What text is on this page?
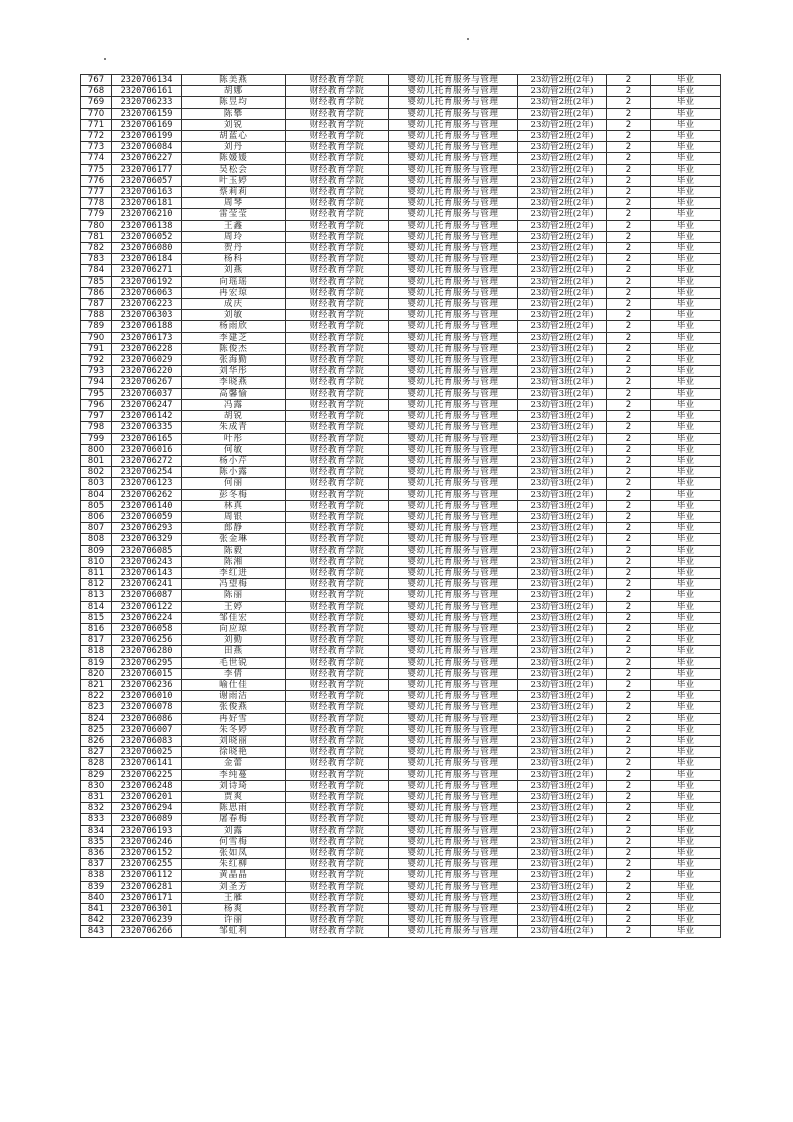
767	2320706134	陈美燕	财经教育学院	婴幼儿托育服务与管理	23幼管2班(2年)	2	毕业
768	2320706161	胡娜	财经教育学院	婴幼儿托育服务与管理	23幼管2班(2年)	2	毕业
769	2320706233	陈昱均	财经教育学院	婴幼儿托育服务与管理	23幼管2班(2年)	2	毕业
770	2320706159	陈攀	财经教育学院	婴幼儿托育服务与管理	23幼管2班(2年)	2	毕业
771	2320706169	刘锐	财经教育学院	婴幼儿托育服务与管理	23幼管2班(2年)	2	毕业
772	2320706199	胡蓝心	财经教育学院	婴幼儿托育服务与管理	23幼管2班(2年)	2	毕业
773	2320706084	刘丹	财经教育学院	婴幼儿托育服务与管理	23幼管2班(2年)	2	毕业
774	2320706227	陈媛媛	财经教育学院	婴幼儿托育服务与管理	23幼管2班(2年)	2	毕业
775	2320706177	吴松会	财经教育学院	婴幼儿托育服务与管理	23幼管2班(2年)	2	毕业
776	2320706057	叶玉婷	财经教育学院	婴幼儿托育服务与管理	23幼管2班(2年)	2	毕业
777	2320706163	蔡莉莉	财经教育学院	婴幼儿托育服务与管理	23幼管2班(2年)	2	毕业
778	2320706181	周琴	财经教育学院	婴幼儿托育服务与管理	23幼管2班(2年)	2	毕业
779	2320706210	雷莹莹	财经教育学院	婴幼儿托育服务与管理	23幼管2班(2年)	2	毕业
780	2320706138	王鑫	财经教育学院	婴幼儿托育服务与管理	23幼管2班(2年)	2	毕业
781	2320706052	周玲	财经教育学院	婴幼儿托育服务与管理	23幼管2班(2年)	2	毕业
782	2320706080	贺丹	财经教育学院	婴幼儿托育服务与管理	23幼管2班(2年)	2	毕业
783	2320706184	杨科	财经教育学院	婴幼儿托育服务与管理	23幼管2班(2年)	2	毕业
784	2320706271	刘燕	财经教育学院	婴幼儿托育服务与管理	23幼管2班(2年)	2	毕业
785	2320706192	向瑶瑶	财经教育学院	婴幼儿托育服务与管理	23幼管2班(2年)	2	毕业
786	2320706063	冉宏琼	财经教育学院	婴幼儿托育服务与管理	23幼管2班(2年)	2	毕业
787	2320706223	成庆	财经教育学院	婴幼儿托育服务与管理	23幼管2班(2年)	2	毕业
788	2320706303	刘敏	财经教育学院	婴幼儿托育服务与管理	23幼管2班(2年)	2	毕业
789	2320706188	杨雨欣	财经教育学院	婴幼儿托育服务与管理	23幼管2班(2年)	2	毕业
790	2320706173	李建芝	财经教育学院	婴幼儿托育服务与管理	23幼管2班(2年)	2	毕业
791	2320706228	陈俊杰	财经教育学院	婴幼儿托育服务与管理	23幼管3班(2年)	2	毕业
792	2320706029	张海勤	财经教育学院	婴幼儿托育服务与管理	23幼管3班(2年)	2	毕业
793	2320706220	刘华彤	财经教育学院	婴幼儿托育服务与管理	23幼管3班(2年)	2	毕业
794	2320706267	李晓燕	财经教育学院	婴幼儿托育服务与管理	23幼管3班(2年)	2	毕业
795	2320706037	高馨愉	财经教育学院	婴幼儿托育服务与管理	23幼管3班(2年)	2	毕业
796	2320706247	冯露	财经教育学院	婴幼儿托育服务与管理	23幼管3班(2年)	2	毕业
797	2320706142	胡锐	财经教育学院	婴幼儿托育服务与管理	23幼管3班(2年)	2	毕业
798	2320706335	朱成青	财经教育学院	婴幼儿托育服务与管理	23幼管3班(2年)	2	毕业
799	2320706165	叶彤	财经教育学院	婴幼儿托育服务与管理	23幼管3班(2年)	2	毕业
800	2320706016	何敏	财经教育学院	婴幼儿托育服务与管理	23幼管3班(2年)	2	毕业
801	2320706272	杨小芹	财经教育学院	婴幼儿托育服务与管理	23幼管3班(2年)	2	毕业
802	2320706254	陈小露	财经教育学院	婴幼儿托育服务与管理	23幼管3班(2年)	2	毕业
803	2320706123	何丽	财经教育学院	婴幼儿托育服务与管理	23幼管3班(2年)	2	毕业
804	2320706262	彭冬梅	财经教育学院	婴幼儿托育服务与管理	23幼管3班(2年)	2	毕业
805	2320706140	林真	财经教育学院	婴幼儿托育服务与管理	23幼管3班(2年)	2	毕业
806	2320706059	周银	财经教育学院	婴幼儿托育服务与管理	23幼管3班(2年)	2	毕业
807	2320706293	郎静	财经教育学院	婴幼儿托育服务与管理	23幼管3班(2年)	2	毕业
808	2320706329	张金琳	财经教育学院	婴幼儿托育服务与管理	23幼管3班(2年)	2	毕业
809	2320706085	陈毅	财经教育学院	婴幼儿托育服务与管理	23幼管3班(2年)	2	毕业
810	2320706243	陈湘	财经教育学院	婴幼儿托育服务与管理	23幼管3班(2年)	2	毕业
811	2320706143	李红进	财经教育学院	婴幼儿托育服务与管理	23幼管3班(2年)	2	毕业
812	2320706241	冯望梅	财经教育学院	婴幼儿托育服务与管理	23幼管3班(2年)	2	毕业
813	2320706087	陈丽	财经教育学院	婴幼儿托育服务与管理	23幼管3班(2年)	2	毕业
814	2320706122	王婷	财经教育学院	婴幼儿托育服务与管理	23幼管3班(2年)	2	毕业
815	2320706224	邹佳宏	财经教育学院	婴幼儿托育服务与管理	23幼管3班(2年)	2	毕业
816	2320706058	向应琼	财经教育学院	婴幼儿托育服务与管理	23幼管3班(2年)	2	毕业
817	2320706256	刘勤	财经教育学院	婴幼儿托育服务与管理	23幼管3班(2年)	2	毕业
818	2320706280	田燕	财经教育学院	婴幼儿托育服务与管理	23幼管3班(2年)	2	毕业
819	2320706295	毛世锐	财经教育学院	婴幼儿托育服务与管理	23幼管3班(2年)	2	毕业
820	2320706015	李倩	财经教育学院	婴幼儿托育服务与管理	23幼管3班(2年)	2	毕业
821	2320706236	喻仕佳	财经教育学院	婴幼儿托育服务与管理	23幼管3班(2年)	2	毕业
822	2320706010	谢雨洁	财经教育学院	婴幼儿托育服务与管理	23幼管3班(2年)	2	毕业
823	2320706078	张俊燕	财经教育学院	婴幼儿托育服务与管理	23幼管3班(2年)	2	毕业
824	2320706086	冉好雪	财经教育学院	婴幼儿托育服务与管理	23幼管3班(2年)	2	毕业
825	2320706007	朱冬婷	财经教育学院	婴幼儿托育服务与管理	23幼管3班(2年)	2	毕业
826	2320706083	刘晓丽	财经教育学院	婴幼儿托育服务与管理	23幼管3班(2年)	2	毕业
827	2320706025	徐晓艳	财经教育学院	婴幼儿托育服务与管理	23幼管3班(2年)	2	毕业
828	2320706141	金蕾	财经教育学院	婴幼儿托育服务与管理	23幼管3班(2年)	2	毕业
829	2320706225	李纯蔓	财经教育学院	婴幼儿托育服务与管理	23幼管3班(2年)	2	毕业
830	2320706248	刘诗琦	财经教育学院	婴幼儿托育服务与管理	23幼管3班(2年)	2	毕业
831	2320706201	贾爽	财经教育学院	婴幼儿托育服务与管理	23幼管3班(2年)	2	毕业
832	2320706294	陈思雨	财经教育学院	婴幼儿托育服务与管理	23幼管3班(2年)	2	毕业
833	2320706089	屠春梅	财经教育学院	婴幼儿托育服务与管理	23幼管3班(2年)	2	毕业
834	2320706193	刘露	财经教育学院	婴幼儿托育服务与管理	23幼管3班(2年)	2	毕业
835	2320706246	何雪梅	财经教育学院	婴幼儿托育服务与管理	23幼管3班(2年)	2	毕业
836	2320706152	张如凤	财经教育学院	婴幼儿托育服务与管理	23幼管3班(2年)	2	毕业
837	2320706255	朱红柳	财经教育学院	婴幼儿托育服务与管理	23幼管3班(2年)	2	毕业
838	2320706112	黄晶晶	财经教育学院	婴幼儿托育服务与管理	23幼管3班(2年)	2	毕业
839	2320706281	刘圣芳	财经教育学院	婴幼儿托育服务与管理	23幼管3班(2年)	2	毕业
840	2320706171	王雁	财经教育学院	婴幼儿托育服务与管理	23幼管3班(2年)	2	毕业
841	2320706301	杨爽	财经教育学院	婴幼儿托育服务与管理	23幼管4班(2年)	2	毕业
842	2320706239	许丽	财经教育学院	婴幼儿托育服务与管理	23幼管4班(2年)	2	毕业
843	2320706266	邹虹利	财经教育学院	婴幼儿托育服务与管理	23幼管4班(2年)	2	毕业
